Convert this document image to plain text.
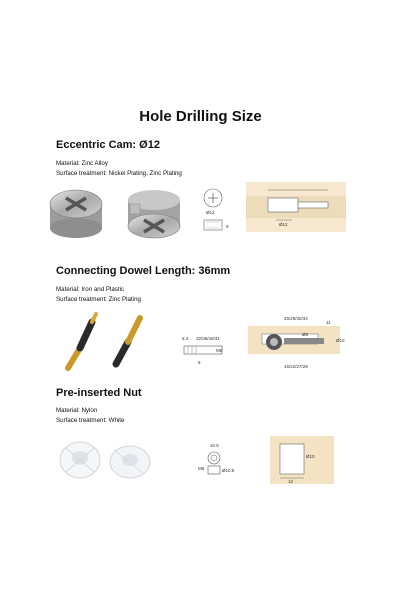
Hole Drilling Size
Eccentric Cam: Ø12
Material: Zinc Alloy
Surface treatment: Nickel Plating, Zinc Plating
Ø12
9	Ø12
Connecting Dowel Length: 36mm
Material: Iron and Plastic
Surface treatment: Zinc Plating
6.3 32/36/40/41
M6
8
25/28/30/34
11
Ø8
Ø10
15/22/27/29
Pre-inserted Nut
Material: Nylon
Surface treatment: White
10.5
M6	Ø10.5
Ø10
12
